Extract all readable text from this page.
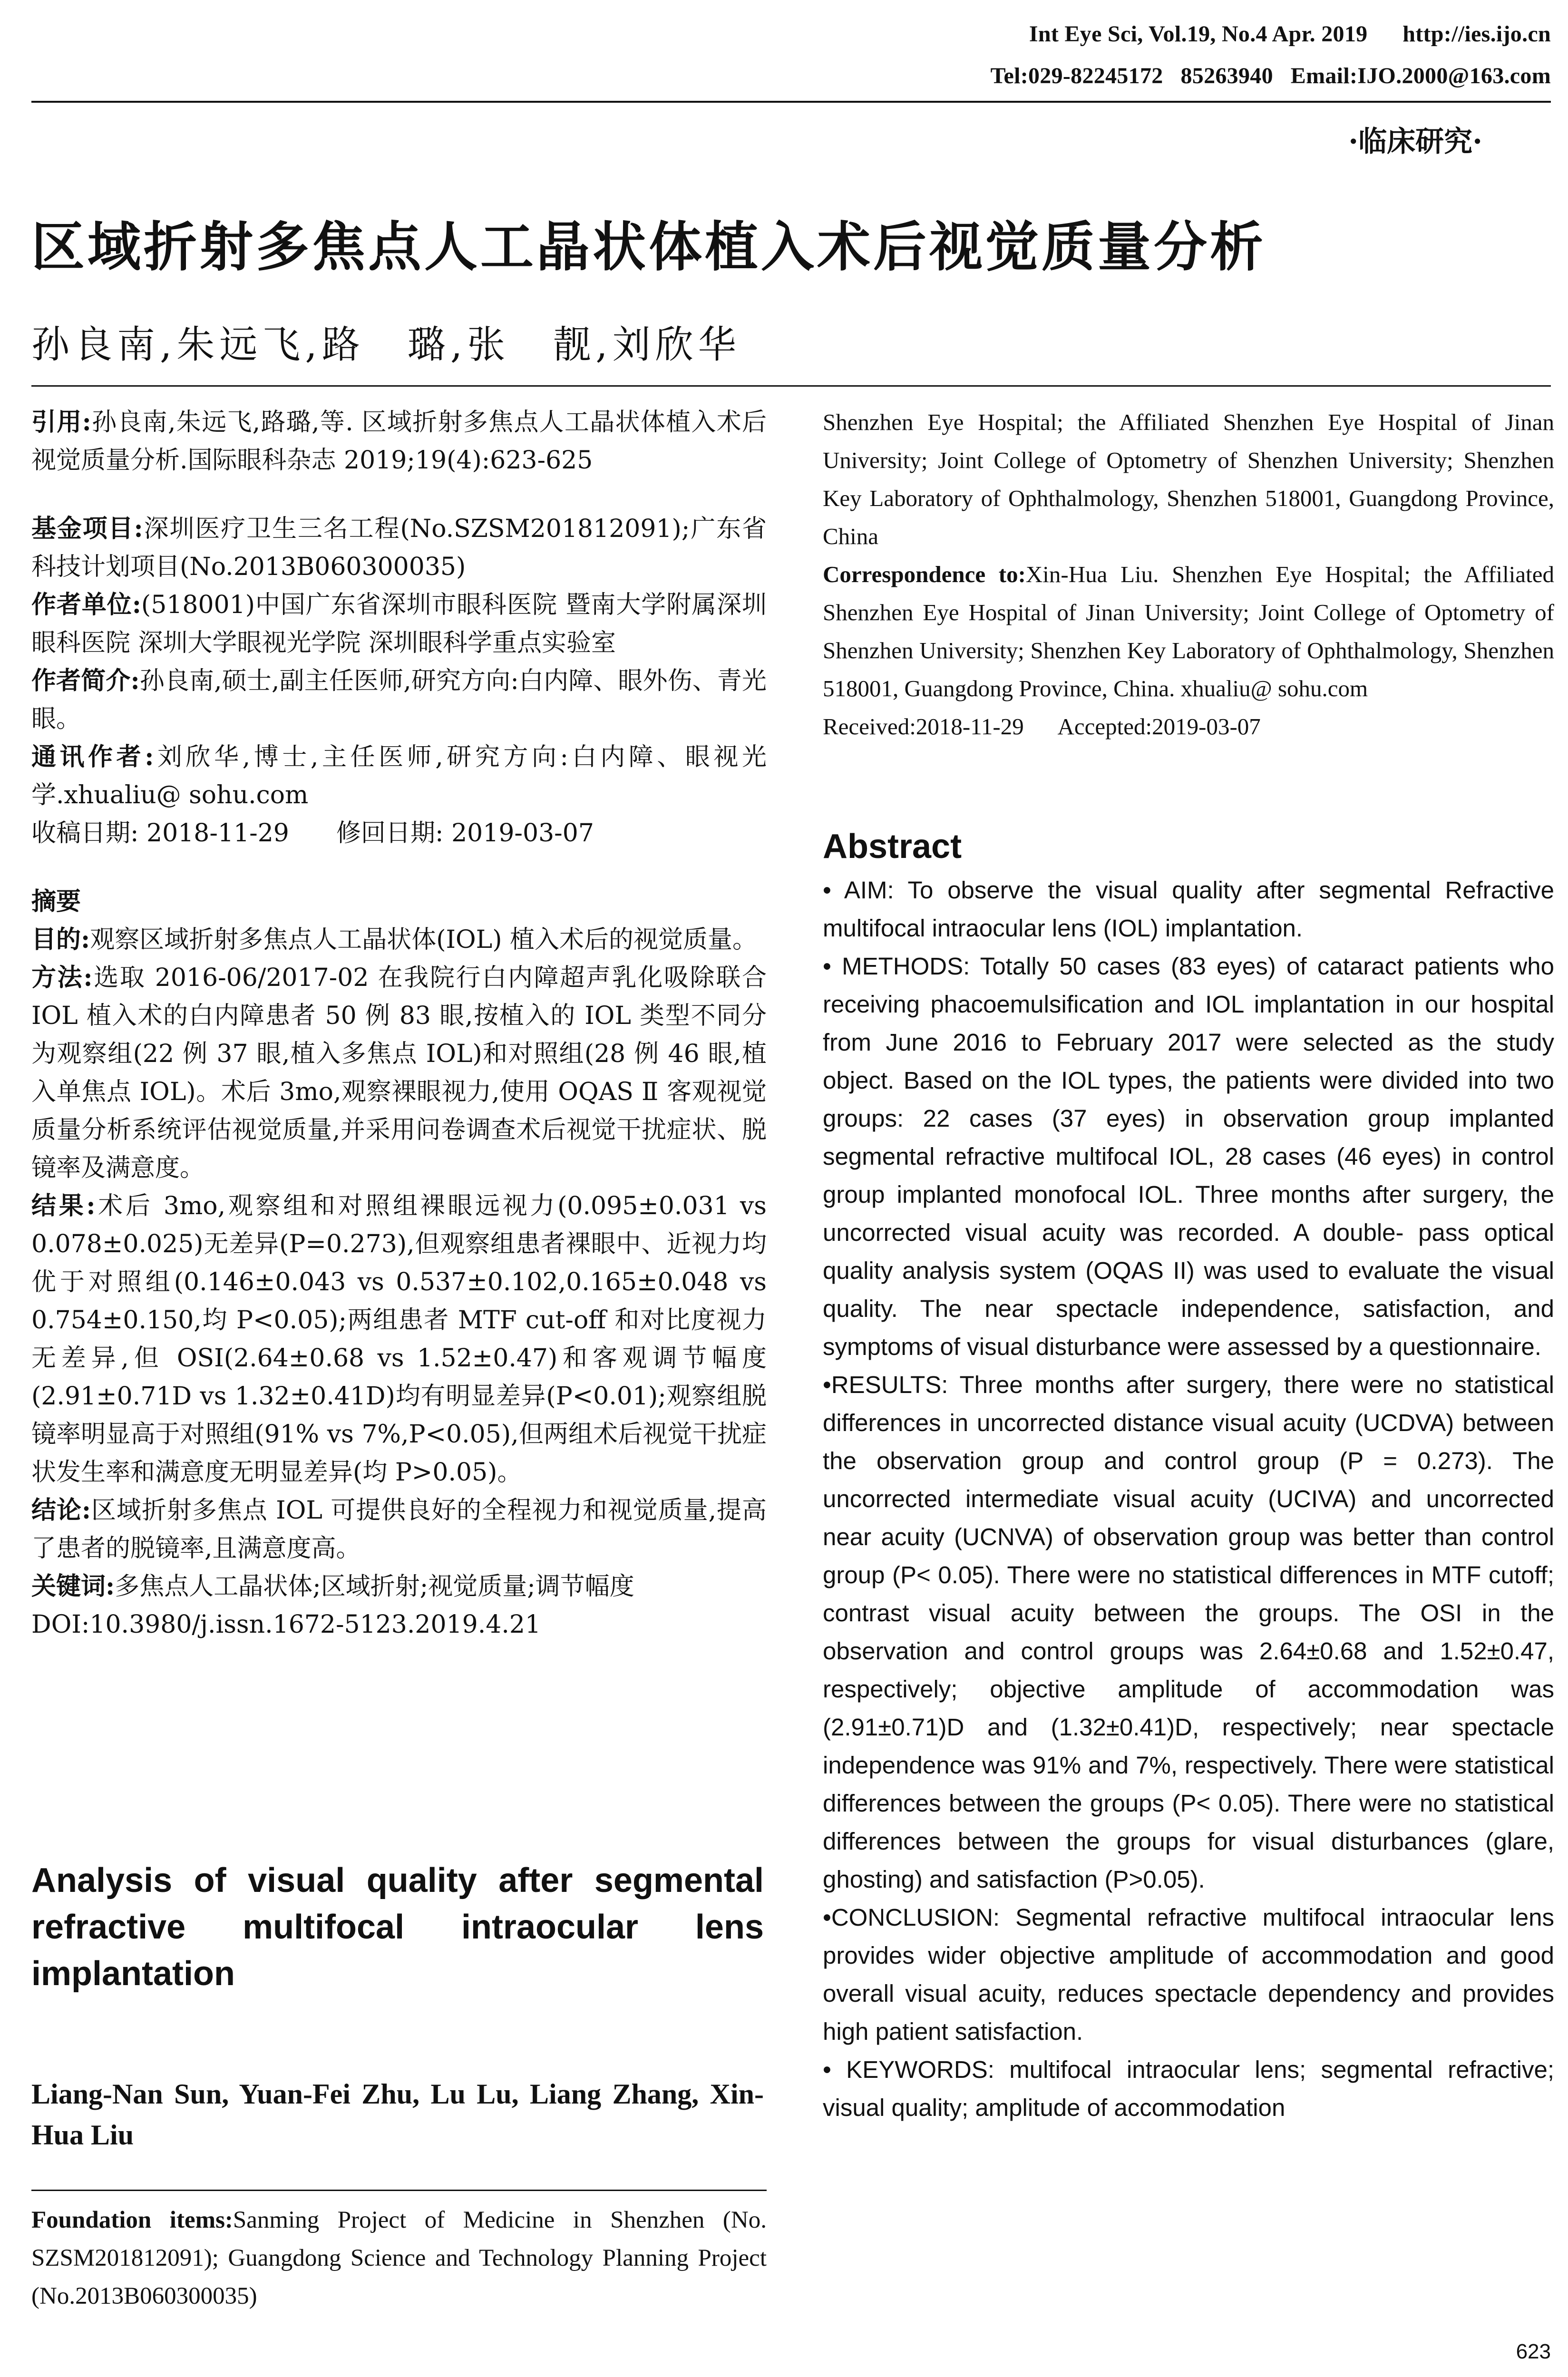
Int Eye Sci, Vol.19, No.4 Apr. 2019      http://ies.ijo.cn
Tel:029-82245172   85263940   Email:IJO.2000@163.com
·临床研究·
区域折射多焦点人工晶状体植入术后视觉质量分析
孙良南,朱远飞,路　璐,张　靓,刘欣华

引用:孙良南,朱远飞,路璐,等. 区域折射多焦点人工晶状体植入术后视觉质量分析.国际眼科杂志 2019;19(4):623-625

基金项目:深圳医疗卫生三名工程(No.SZSM201812091);广东省科技计划项目(No.2013B060300035)

作者单位:(518001)中国广东省深圳市眼科医院 暨南大学附属深圳眼科医院 深圳大学眼视光学院 深圳眼科学重点实验室

作者简介:孙良南,硕士,副主任医师,研究方向:白内障、眼外伤、青光眼。

通讯作者:刘欣华,博士,主任医师,研究方向:白内障、眼视光学.xhualiu@ sohu.com

收稿日期: 2018-11-29      修回日期: 2019-03-07

摘要

目的:观察区域折射多焦点人工晶状体(IOL) 植入术后的视觉质量。

方法:选取 2016-06/2017-02 在我院行白内障超声乳化吸除联合 IOL 植入术的白内障患者 50 例 83 眼,按植入的 IOL 类型不同分为观察组(22 例 37 眼,植入多焦点 IOL)和对照组(28 例 46 眼,植入单焦点 IOL)。术后 3mo,观察裸眼视力,使用 OQAS Ⅱ 客观视觉质量分析系统评估视觉质量,并采用问卷调查术后视觉干扰症状、脱镜率及满意度。

结果:术后 3mo,观察组和对照组裸眼远视力(0.095±0.031 vs 0.078±0.025)无差异(P=0.273),但观察组患者裸眼中、近视力均优于对照组(0.146±0.043 vs 0.537±0.102,0.165±0.048 vs 0.754±0.150,均 P<0.05);两组患者 MTF cut-off 和对比度视力无差异,但 OSI(2.64±0.68 vs 1.52±0.47)和客观调节幅度(2.91±0.71D vs 1.32±0.41D)均有明显差异(P<0.01);观察组脱镜率明显高于对照组(91% vs 7%,P<0.05),但两组术后视觉干扰症状发生率和满意度无明显差异(均 P>0.05)。

结论:区域折射多焦点 IOL 可提供良好的全程视力和视觉质量,提高了患者的脱镜率,且满意度高。

关键词:多焦点人工晶状体;区域折射;视觉质量;调节幅度

DOI:10.3980/j.issn.1672-5123.2019.4.21

Analysis of visual quality after segmental refractive multifocal intraocular lens implantation
Liang-Nan Sun, Yuan-Fei Zhu, Lu Lu, Liang Zhang, Xin-Hua Liu
Foundation items:Sanming Project of Medicine in Shenzhen (No. SZSM201812091); Guangdong Science and Technology Planning Project (No.2013B060300035)

Shenzhen Eye Hospital; the Affiliated Shenzhen Eye Hospital of Jinan University; Joint College of Optometry of Shenzhen University; Shenzhen Key Laboratory of Ophthalmology, Shenzhen 518001, Guangdong Province, China

Correspondence to:Xin-Hua Liu. Shenzhen Eye Hospital; the Affiliated Shenzhen Eye Hospital of Jinan University; Joint College of Optometry of Shenzhen University; Shenzhen Key Laboratory of Ophthalmology, Shenzhen 518001, Guangdong Province, China. xhualiu@ sohu.com

Received:2018-11-29      Accepted:2019-03-07

Abstract

• AIM: To observe the visual quality after segmental Refractive multifocal intraocular lens (IOL) implantation.

• METHODS: Totally 50 cases (83 eyes) of cataract patients who receiving phacoemulsification and IOL implantation in our hospital from June 2016 to February 2017 were selected as the study object. Based on the IOL types, the patients were divided into two groups: 22 cases (37 eyes) in observation group implanted segmental refractive multifocal IOL, 28 cases (46 eyes) in control group implanted monofocal IOL. Three months after surgery, the uncorrected visual acuity was recorded. A double- pass optical quality analysis system (OQAS II) was used to evaluate the visual quality. The near spectacle independence, satisfaction, and symptoms of visual disturbance were assessed by a questionnaire.

•RESULTS: Three months after surgery, there were no statistical differences in uncorrected distance visual acuity (UCDVA) between the observation group and control group (P = 0.273). The uncorrected intermediate visual acuity (UCIVA) and uncorrected near acuity (UCNVA) of observation group was better than control group (P< 0.05). There were no statistical differences in MTF cutoff; contrast visual acuity between the groups. The OSI in the observation and control groups was 2.64±0.68 and 1.52±0.47, respectively; objective amplitude of accommodation was (2.91±0.71)D and (1.32±0.41)D, respectively; near spectacle independence was 91% and 7%, respectively. There were statistical differences between the groups (P< 0.05). There were no statistical differences between the groups for visual disturbances (glare, ghosting) and satisfaction (P>0.05).

•CONCLUSION: Segmental refractive multifocal intraocular lens provides wider objective amplitude of accommodation and good overall visual acuity, reduces spectacle dependency and provides high patient satisfaction.

• KEYWORDS: multifocal intraocular lens; segmental refractive; visual quality; amplitude of accommodation

623
